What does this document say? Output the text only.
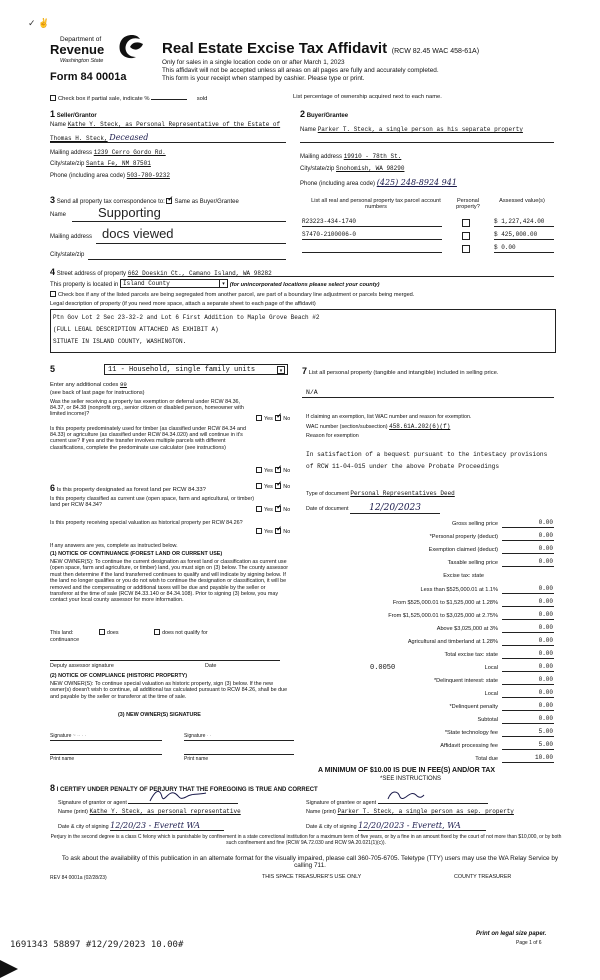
✓ ✌
Department of
Revenue
Washington State
Form 84 0001a
Real Estate Excise Tax Affidavit (RCW 82.45 WAC 458-61A)
Only for sales in a single location code on or after March 1, 2023
This affidavit will not be accepted unless all areas on all pages are fully and accurately completed.
This form is your receipt when stamped by cashier. Please type or print.
Check box if partial sale, indicate %	sold	List percentage of ownership acquired next to each name.
1 Seller/Grantor
Name Kathe Y. Steck, as Personal Representative of the Estate of
Thomas H. Steck, Deceased
Mailing address 1239 Cerro Gordo Rd.
City/state/zip Santa Fe, NM 87501
Phone (including area code) 503-780-9232
2 Buyer/Grantee
Name Parker T. Steck, a single person as his separate property
Mailing address 19910 - 78th St.
City/state/zip Snohomish, WA 98290
Phone (including area code) (425) 248-8924 941
3 Send all property tax correspondence to: ✓ Same as Buyer/Grantee
Name Supporting
Mailing address docs viewed
City/state/zip
List all real and personal property tax parcel account numbers
Personal property?
Assessed value(s)
R23223-434-1740	$ 1,227,424.00
S7470-2100006-0	$ 425,000.00
$ 0.00
4 Street address of property 662 Doeskin Ct., Camano Island, WA 98282
This property is located in Island County	▾ (for unincorporated locations please select your county)
Check box if any of the listed parcels are being segregated from another parcel, are part of a boundary line adjustment or parcels being merged.
Legal description of property (if you need more space, attach a separate sheet to each page of the affidavit)
Ptn Gov Lot 2 Sec 23-32-2 and Lot 6 First Addition to Maple Grove Beach #2
(FULL LEGAL DESCRIPTION ATTACHED AS EXHIBIT A)
SITUATE IN ISLAND COUNTY, WASHINGTON.
5	11 - Household, single family units	▾
Enter any additional codes 99
(see back of last page for instructions)
Was the seller receiving a property tax exemption or deferral under RCW 84.36, 84.37, or 84.38 (nonprofit org., senior citizen or disabled person, homeowner with limited income)?
Yes ✓ No
Is this property predominately used for timber (as classified under RCW 84.34 and 84.33) or agriculture (as classified under RCW 84.34.020) and will continue in it's current use? If yes and the transfer involves multiple parcels with different classifications, complete the predominate use calculator (see instructions)
Yes ✓ No
6 Is this property designated as forest land per RCW 84.33?	Yes ✓ No
Is this property classified as current use (open space, farm and agricultural, or timber) land per RCW 84.34?
Yes ✓ No
Is this property receiving special valuation as historical property per RCW 84.26?
Yes ✓ No
If any answers are yes, complete as instructed below.
(1) NOTICE OF CONTINUANCE (FOREST LAND OR CURRENT USE)
NEW OWNER(S): To continue the current designation as forest land or classification as current use (open space, farm and agriculture, or timber) land, you must sign on (3) below. The county assessor must then determine if the land transferred continues to qualify and will indicate by signing below. If the land no longer qualifies or you do not wish to continue the designation or classification, it will be removed and the compensating or additional taxes will be due and payable by the seller or transferor at the time of sale (RCW 84.33.140 or 84.34.108). Prior to signing (3) below, you may contact your local county assessor for more information.
This land:	does	does not qualify for
continuance
Deputy assessor signature	Date
(2) NOTICE OF COMPLIANCE (HISTORIC PROPERTY)
NEW OWNER(S): To continue special valuation as historic property, sign (3) below. If the new owner(s) doesn't wish to continue, all additional tax calculated pursuant to RCW 84.26, shall be due and payable by the seller or transferor at the time of sale.
(3) NEW OWNER(S) SIGNATURE
Signature ~ ·· · ·	Signature · ·
Print name	Print name
7 List all personal property (tangible and intangible) included in selling price.
N/A
If claiming an exemption, list WAC number and reason for exemption.
WAC number (section/subsection) 458.61A.202(6)(f)
Reason for exemption
In satisfaction of a bequest pursuant to the intestacy provisions of RCW 11-04-015 under the above Probate Proceedings
Type of document Personal Representatives Deed
Date of document 12/20/2023
Gross selling price	0.00
*Personal property (deduct)	0.00
Exemption claimed (deduct)	0.00
Taxable selling price	0.00
Excise tax: state
Less than $525,000.01 at 1.1%	0.00
From $525,000.01 to $1,525,000 at 1.28%	0.00
From $1,525,000.01 to $3,025,000 at 2.75%	0.00
Above $3,025,000 at 3%	0.00
Agricultural and timberland at 1.28%	0.00
Total excise tax: state	0.00
0.0050	Local	0.00
*Delinquent interest: state	0.00
Local	0.00
*Delinquent penalty	0.00
Subtotal	0.00
*State technology fee	5.00
Affidavit processing fee	5.00
Total due	10.00
A MINIMUM OF $10.00 IS DUE IN FEE(S) AND/OR TAX
*SEE INSTRUCTIONS
8 I CERTIFY UNDER PENALTY OF PERJURY THAT THE FOREGOING IS TRUE AND CORRECT
Signature of grantor or agent	Signature of grantee or agent
Name (print) Kathe Y. Steck, as personal representative	Name (print) Parker T. Steck, a single person as sep. property
Date & city of signing 12/20/23 - Everett WA	Date & city of signing 12/20/2023 - Everett, WA
Perjury in the second degree is a class C felony which is punishable by confinement in a state correctional institution for a maximum term of five years, or by a fine in an amount fixed by the court of not more than $10,000, or by both such confinement and fine (RCW 9A.72.030 and RCW 9A.20.021(1)(c)).
To ask about the availability of this publication in an alternate format for the visually impaired, please call 360-705-6705. Teletype (TTY) users may use the WA Relay Service by calling 711.
REV 84 0001a (02/28/23)	THIS SPACE TREASURER'S USE ONLY	COUNTY TREASURER
Print on legal size paper.
Page 1 of 6
1691343 58897 #12/29/2023 10.00#
